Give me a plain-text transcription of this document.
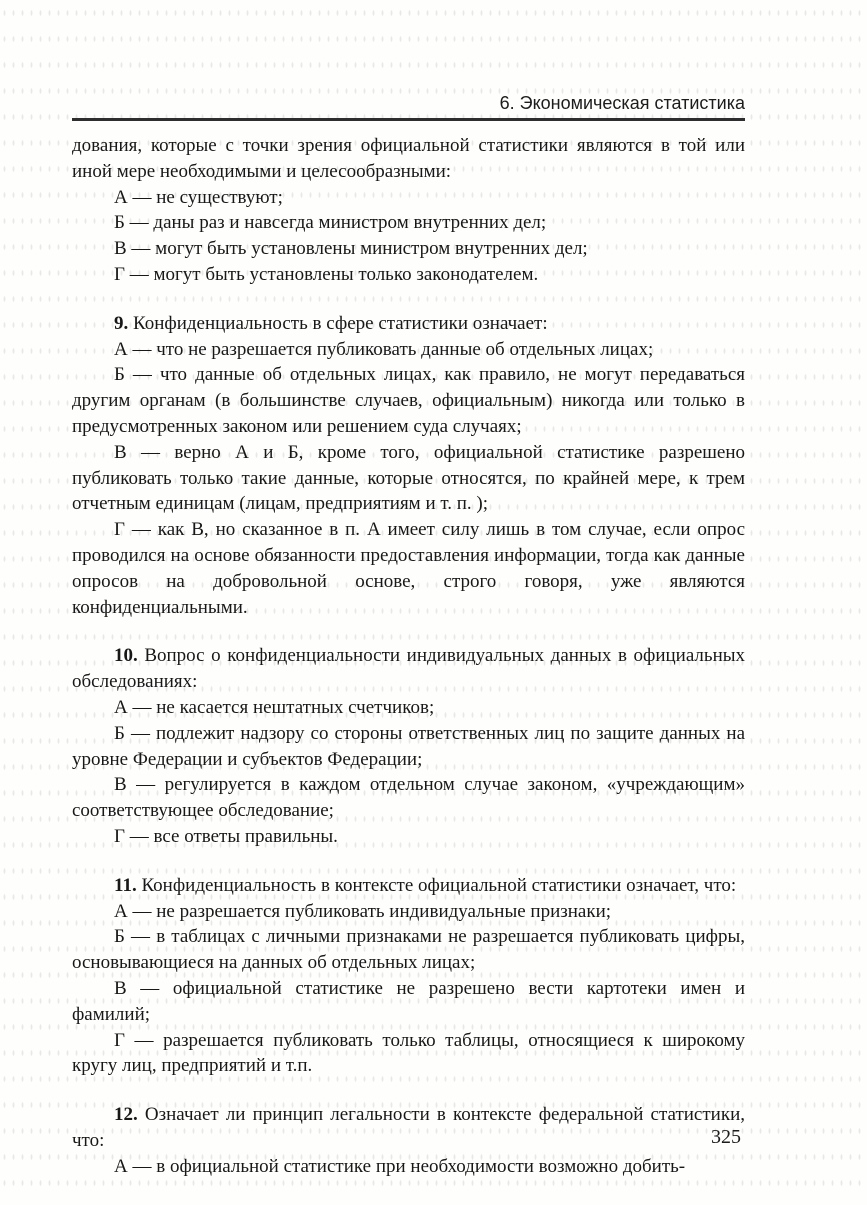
6. Экономическая статистика

дования, которые с точки зрения официальной статистики являются в той или иной мере необходимыми и целесообразными:

А — не существуют;

Б — даны раз и навсегда министром внутренних дел;

В — могут быть установлены министром внутренних дел;

Г — могут быть установлены только законодателем.

9. Конфиденциальность в сфере статистики означает:

А — что не разрешается публиковать данные об отдельных лицах;

Б — что данные об отдельных лицах, как правило, не могут передаваться другим органам (в большинстве случаев, официальным) никогда или только в предусмотренных законом или решением суда случаях;

В — верно А и Б, кроме того, официальной статистике разрешено публиковать только такие данные, которые относятся, по крайней мере, к трем отчетным единицам (лицам, предприятиям и т. п. );

Г — как В, но сказанное в п. А имеет силу лишь в том случае, если опрос проводился на основе обязанности предоставления информации, тогда как данные опросов на добровольной основе, строго говоря, уже являются конфиденциальными.

10. Вопрос о конфиденциальности индивидуальных данных в официальных обследованиях:

А — не касается нештатных счетчиков;

Б — подлежит надзору со стороны ответственных лиц по защите данных на уровне Федерации и субъектов Федерации;

В — регулируется в каждом отдельном случае законом, «учреждающим» соответствующее обследование;

Г — все ответы правильны.

11. Конфиденциальность в контексте официальной статистики означает, что:

А — не разрешается публиковать индивидуальные признаки;

Б — в таблицах с личными признаками не разрешается публиковать цифры, основывающиеся на данных об отдельных лицах;

В — официальной статистике не разрешено вести картотеки имен и фамилий;

Г — разрешается публиковать только таблицы, относящиеся к широкому кругу лиц, предприятий и т.п.

12. Означает ли принцип легальности в контексте федеральной статистики, что:

А — в официальной статистике при необходимости возможно добить-

325
